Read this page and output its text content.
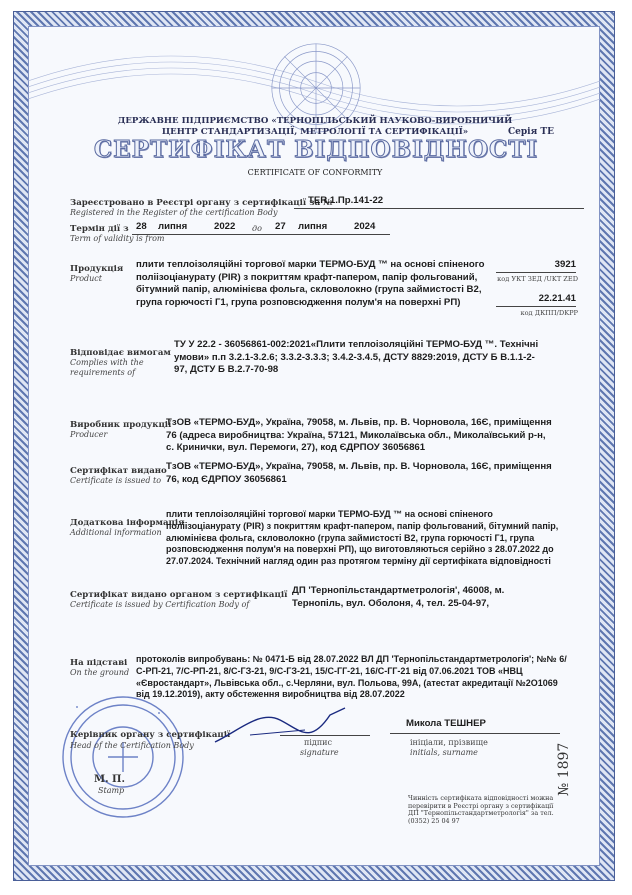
ДЕРЖАВНЕ ПІДПРИЄМСТВО «ТЕРНОПІЛЬСЬКИЙ НАУКОВО-ВИРОБНИЧИЙ ЦЕНТР СТАНДАРТИЗАЦІЇ, МЕТРОЛОГІЇ ТА СЕРТИФІКАЦІЇ»	Серія ТЕ
СЕРТИФІКАТ ВІДПОВІДНОСТІ
CERTIFICATE OF CONFORMITY
Зареєстровано в Реєстрі органу з сертифікації за №
Registered in the Register of the certification Body
TER.1.Пр.141-22
Термін дії з
Term of validity is from
28 липня	2022 до 27 липня	2024
Продукція
Product
плити теплоізоляційні торгової марки ТЕРМО-БУД ™ на основі спіненого поліізоціанурату (PIR) з покриттям крафт-папером, папір фольгований, бітумний папір, алюмінієва фольга, скловолокно (група займистості В2, група горючості Г1, група розповсюдження полум'я на поверхні РП)
3921
код УКТ ЗЕД /UKT ZED
22.21.41
код ДКПП/DKPP
Відповідає вимогам
Complies with the
requirements of
ТУ У 22.2 - 36056861-002:2021«Плити теплоізоляційні ТЕРМО-БУД ™. Технічні умови» п.п 3.2.1-3.2.6; 3.3.2-3.3.3; 3.4.2-3.4.5, ДСТУ 8829:2019, ДСТУ Б В.1.1-2-97, ДСТУ Б В.2.7-70-98
Виробник продукції
Producer
ТзОВ «ТЕРМО-БУД», Україна, 79058, м. Львів, пр. В. Чорновола, 16Є, приміщення 76 (адреса виробництва: Україна, 57121, Миколаївська обл., Миколаївський р-н, с. Кринички, вул. Перемоги, 27), код ЄДРПОУ 36056861
Сертифікат видано
Certificate is issued to
ТзОВ «ТЕРМО-БУД», Україна, 79058, м. Львів, пр. В. Чорновола, 16Є, приміщення 76, код ЄДРПОУ 36056861
Додаткова інформація
Additional information
плити теплоізоляційні торгової марки ТЕРМО-БУД ™ на основі спіненого поліізоціанурату (PIR) з покриттям крафт-папером, папір фольгований, бітумний папір, алюмінієва фольга, скловолокно (група займистості В2, група горючості Г1, група розповсюдження полум'я на поверхні РП), що виготовляються серійно з 28.07.2022 до 27.07.2024. Технічний нагляд один раз протягом терміну дії сертифіката відповідності
Сертифікат видано органом з сертифікації
Certificate is issued by Certification Body of
ДП 'Тернопільстандартметрологія', 46008, м. Тернопіль, вул. Оболоня, 4, тел. 25-04-97,
На підставі
On the ground
протоколів випробувань: № 0471-Б від 28.07.2022 ВЛ ДП 'Тернопільстандартметрологія'; №№ 6/С-РП-21, 7/С-РП-21, 8/С-ГЗ-21, 9/С-ГЗ-21, 15/С-ГГ-21, 16/С-ГГ-21 від 07.06.2021 ТОВ «НВЦ «Євростандарт», Львівська обл., с.Черляни, вул. Польова, 99А, (атестат акредитації №2О1069 від 19.12.2019), акту обстеження виробництва від 28.07.2022
Керівник органу з сертифікації
Head of the Certification Body	підпис
signature
Микола ТЕШНЕР
ініціали, прізвище
initials, surname
М. П.
Stamp
Чинність сертифіката відповідності можна перевірити в Реєстрі органу з сертифікації ДП "Тернопільстандартметрологія" за тел. (0352) 25 04 97
№ 1897
